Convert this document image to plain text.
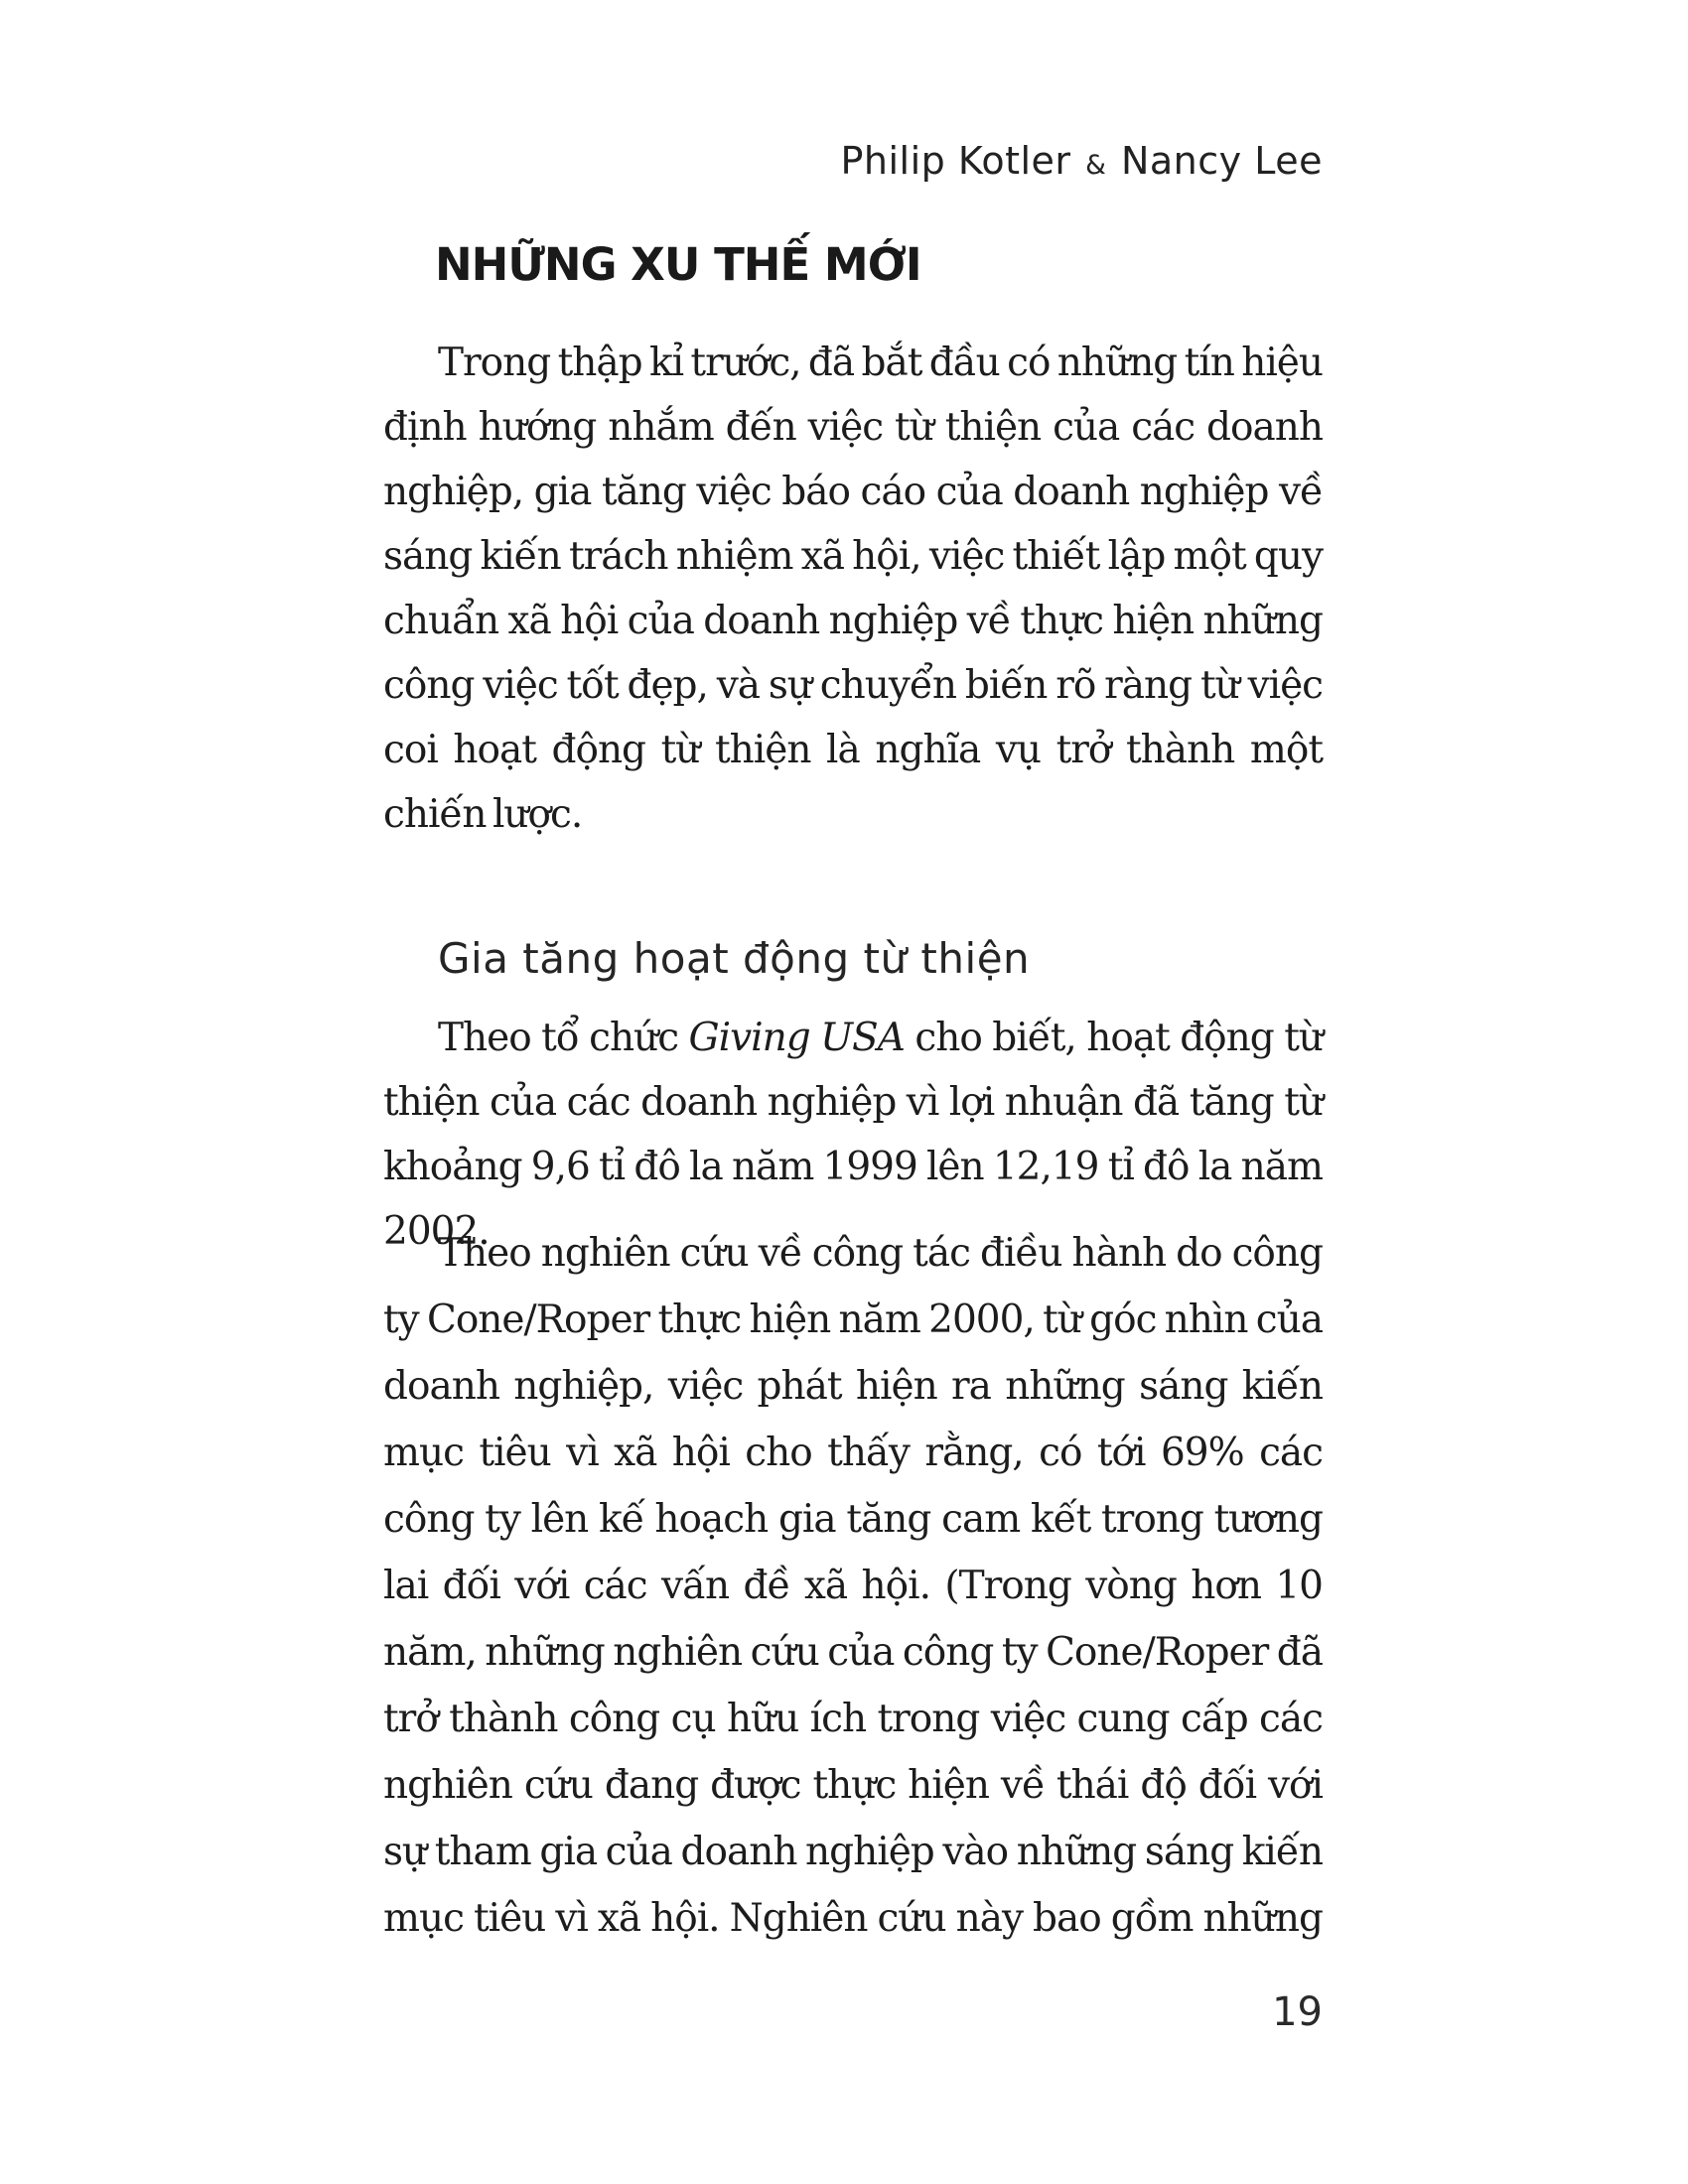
Philip Kotler & Nancy Lee
NHỮNG XU THẾ MỚI
Trong thập kỉ trước, đã bắt đầu có những tín hiệu
định hướng nhắm đến việc từ thiện của các doanh
nghiệp, gia tăng việc báo cáo của doanh nghiệp về
sáng kiến trách nhiệm xã hội, việc thiết lập một quy
chuẩn xã hội của doanh nghiệp về thực hiện những
công việc tốt đẹp, và sự chuyển biến rõ ràng từ việc
coi hoạt động từ thiện là nghĩa vụ trở thành một
chiến lược.
Gia tăng hoạt động từ thiện
Theo tổ chức Giving USA cho biết, hoạt động từ
thiện của các doanh nghiệp vì lợi nhuận đã tăng từ
khoảng 9,6 tỉ đô la năm 1999 lên 12,19 tỉ đô la năm 2002.
Theo nghiên cứu về công tác điều hành do công
ty Cone/Roper thực hiện năm 2000, từ góc nhìn của
doanh nghiệp, việc phát hiện ra những sáng kiến
mục tiêu vì xã hội cho thấy rằng, có tới 69% các
công ty lên kế hoạch gia tăng cam kết trong tương
lai đối với các vấn đề xã hội. (Trong vòng hơn 10
năm, những nghiên cứu của công ty Cone/Roper đã
trở thành công cụ hữu ích trong việc cung cấp các
nghiên cứu đang được thực hiện về thái độ đối với
sự tham gia của doanh nghiệp vào những sáng kiến
mục tiêu vì xã hội. Nghiên cứu này bao gồm những
19
